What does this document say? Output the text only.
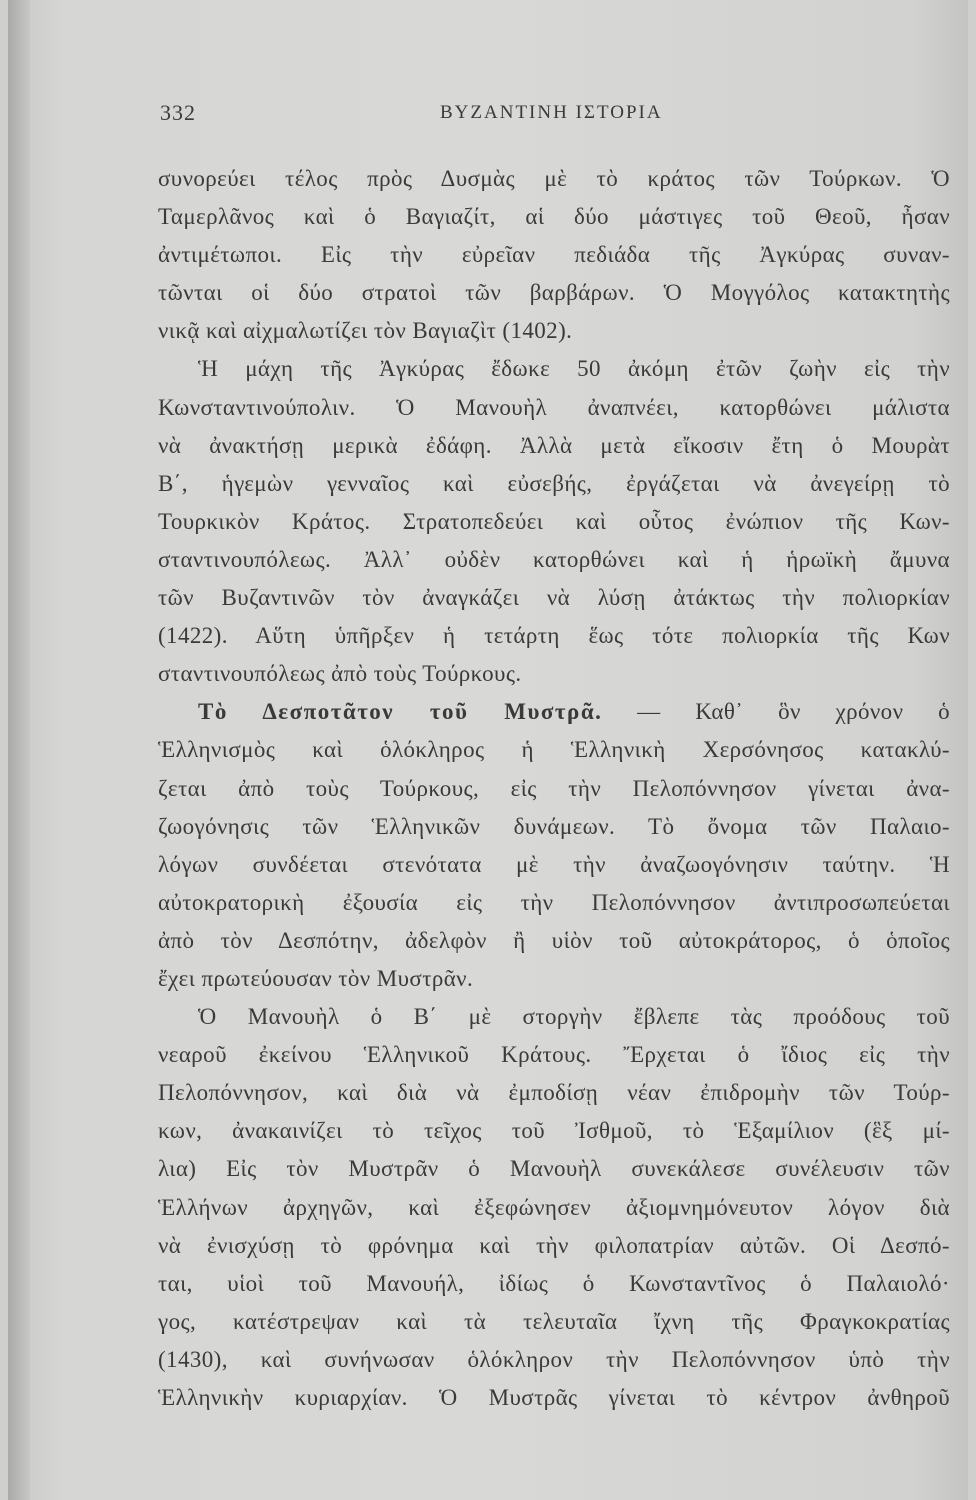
332	ΒΥΖΑΝΤΙΝΗ ΙΣΤΟΡΙΑ
συνορεύει τέλος πρὸς Δυσμὰς μὲ τὸ κράτος τῶν Τούρκων. Ὁ
Ταμερλᾶνος καὶ ὁ Βαγιαζίτ, αἱ δύο μάστιγες τοῦ Θεοῦ, ἦσαν
ἀντιμέτωποι. Εἰς τὴν εὐρεῖαν πεδιάδα τῆς Ἀγκύρας συναν-
τῶνται οἱ δύο στρατοὶ τῶν βαρβάρων. Ὁ Μογγόλος κατακτητὴς
νικᾷ καὶ αἰχμαλωτίζει τὸν Βαγιαζὶτ (1402).
Ἡ μάχη τῆς Ἀγκύρας ἔδωκε 50 ἀκόμη ἐτῶν ζωὴν εἰς τὴν
Κωνσταντινούπολιν. Ὁ Μανουὴλ ἀναπνέει, κατορθώνει μάλιστα
νὰ ἀνακτήσῃ μερικὰ ἐδάφη. Ἀλλὰ μετὰ εἴκοσιν ἔτη ὁ Μουρὰτ
Β΄, ἡγεμὼν γενναῖος καὶ εὐσεβής, ἐργάζεται νὰ ἀνεγείρῃ τὸ
Τουρκικὸν Κράτος. Στρατοπεδεύει καὶ οὗτος ἐνώπιον τῆς Κων-
σταντινουπόλεως. Ἀλλ᾽ οὐδὲν κατορθώνει καὶ ἡ ἡρωϊκὴ ἄμυνα
τῶν Βυζαντινῶν τὸν ἀναγκάζει νὰ λύσῃ ἀτάκτως τὴν πολιορκίαν
(1422). Αὕτη ὑπῆρξεν ἡ τετάρτη ἕως τότε πολιορκία τῆς Κων
σταντινουπόλεως ἀπὸ τοὺς Τούρκους.
Τὸ Δεσποτᾶτον τοῦ Μυστρᾶ. — Καθ᾽ ὃν χρόνον ὁ
Ἑλληνισμὸς καὶ ὁλόκληρος ἡ Ἑλληνικὴ Χερσόνησος κατακλύ-
ζεται ἀπὸ τοὺς Τούρκους, εἰς τὴν Πελοπόννησον γίνεται ἀνα-
ζωογόνησις τῶν Ἑλληνικῶν δυνάμεων. Τὸ ὄνομα τῶν Παλαιο-
λόγων συνδέεται στενότατα μὲ τὴν ἀναζωογόνησιν ταύτην. Ἡ
αὐτοκρατορικὴ ἐξουσία εἰς τὴν Πελοπόννησον ἀντιπροσωπεύεται
ἀπὸ τὸν Δεσπότην, ἀδελφὸν ἢ υἱὸν τοῦ αὐτοκράτορος, ὁ ὁποῖος
ἔχει πρωτεύουσαν τὸν Μυστρᾶν.
Ὁ Μανουὴλ ὁ Β΄ μὲ στοργὴν ἔβλεπε τὰς προόδους τοῦ
νεαροῦ ἐκείνου Ἑλληνικοῦ Κράτους. Ἔρχεται ὁ ἴδιος εἰς τὴν
Πελοπόννησον, καὶ διὰ νὰ ἐμποδίσῃ νέαν ἐπιδρομὴν τῶν Τούρ-
κων, ἀνακαινίζει τὸ τεῖχος τοῦ Ἰσθμοῦ, τὸ Ἑξαμίλιον (ἓξ μί-
λια) Εἰς τὸν Μυστρᾶν ὁ Μανουὴλ συνεκάλεσε συνέλευσιν τῶν
Ἑλλήνων ἀρχηγῶν, καὶ ἐξεφώνησεν ἀξιομνημόνευτον λόγον διὰ
νὰ ἐνισχύσῃ τὸ φρόνημα καὶ τὴν φιλοπατρίαν αὐτῶν. Οἱ Δεσπό-
ται, υἱοὶ τοῦ Μανουήλ, ἰδίως ὁ Κωνσταντῖνος ὁ Παλαιολό·
γος, κατέστρεψαν καὶ τὰ τελευταῖα ἴχνη τῆς Φραγκοκρατίας
(1430), καὶ συνήνωσαν ὁλόκληρον τὴν Πελοπόννησον ὑπὸ τὴν
Ἑλληνικὴν κυριαρχίαν. Ὁ Μυστρᾶς γίνεται τὸ κέντρον ἀνθηροῦ
